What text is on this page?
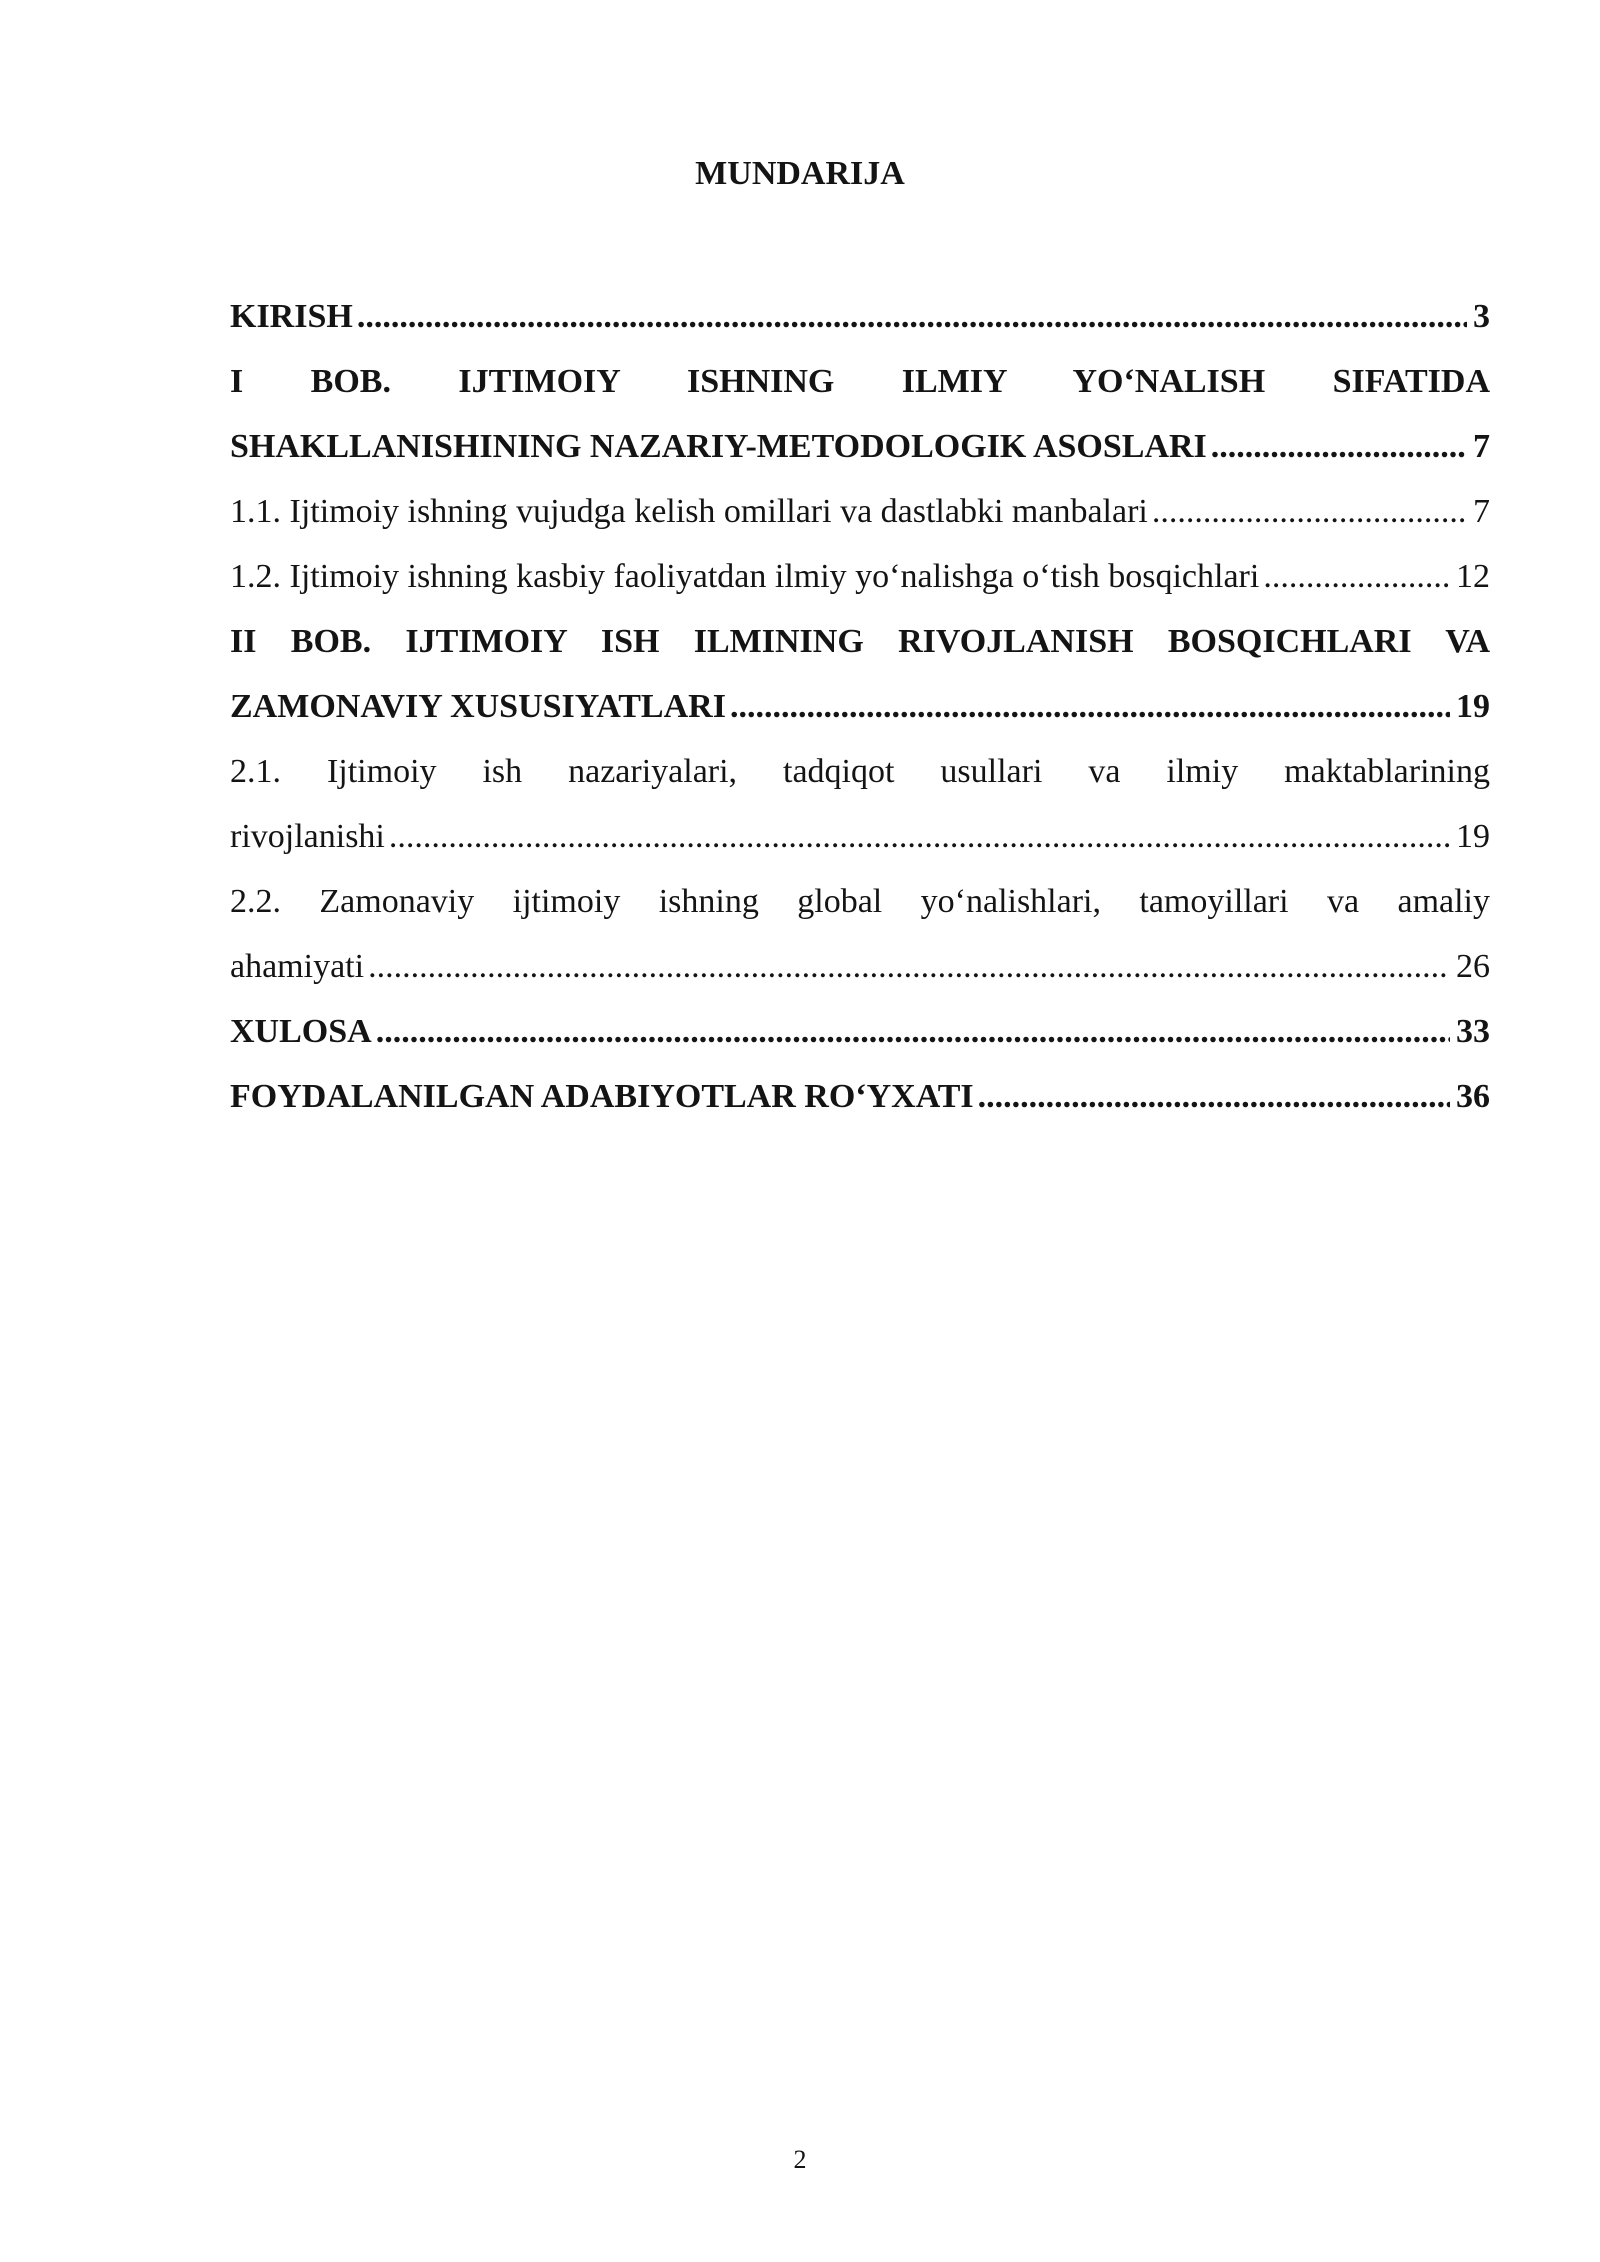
MUNDARIJA
KIRISH .....	3
I BOB. IJTIMOIY ISHNING ILMIY YO‘NALISH SIFATIDA
SHAKLLANISHINING NAZARIY-METODOLOGIK ASOSLARI .....	7
1.1. Ijtimoiy ishning vujudga kelish omillari va dastlabki manbalari .....	7
1.2. Ijtimoiy ishning kasbiy faoliyatdan ilmiy yo‘nalishga o‘tish bosqichlari .....	12
II BOB. IJTIMOIY ISH ILMINING RIVOJLANISH BOSQICHLARI VA
ZAMONAVIY XUSUSIYATLARI .....	19
2.1. Ijtimoiy ish nazariyalari, tadqiqot usullari va ilmiy maktablarining
rivojlanishi .....	19
2.2. Zamonaviy ijtimoiy ishning global yo‘nalishlari, tamoyillari va amaliy
ahamiyati .....	26
XULOSA .....	33
FOYDALANILGAN ADABIYOTLAR RO‘YXATI .....	36
2
